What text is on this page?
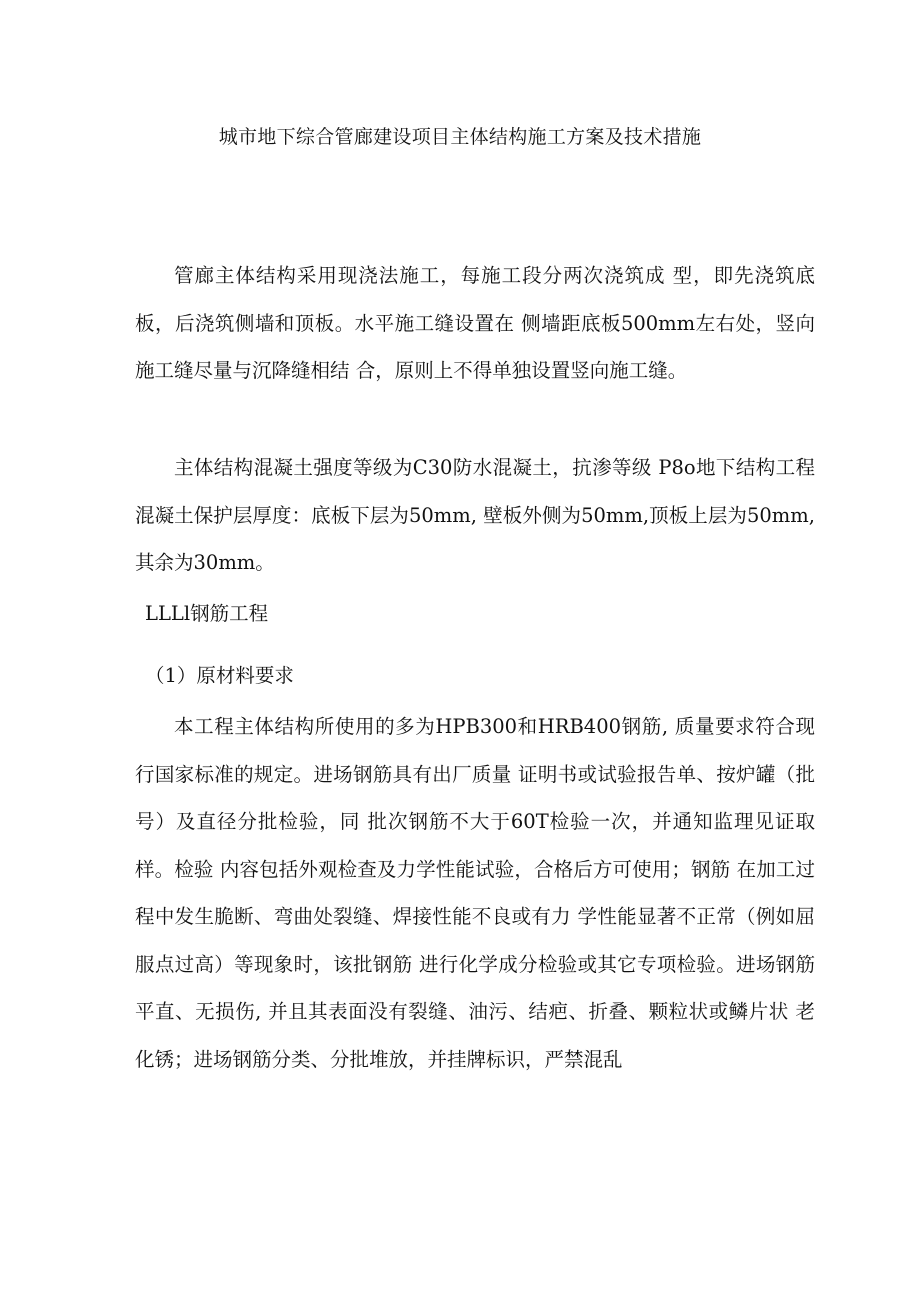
城市地下综合管廊建设项目主体结构施工方案及技术措施

管廊主体结构采用现浇法施工，每施工段分两次浇筑成 型，即先浇筑底板，后浇筑侧墙和顶板。水平施工缝设置在 侧墙距底板500mm左右处，竖向施工缝尽量与沉降缝相结 合，原则上不得单独设置竖向施工缝。

主体结构混凝土强度等级为C30防水混凝土，抗渗等级 P8o地下结构工程混凝土保护层厚度：底板下层为50mm, 壁板外侧为50mm,顶板上层为50mm,其余为30mm。

LLLl钢筋工程
（1）原材料要求

本工程主体结构所使用的多为HPB300和HRB400钢筋, 质量要求符合现行国家标准的规定。进场钢筋具有出厂质量 证明书或试验报告单、按炉罐（批号）及直径分批检验，同 批次钢筋不大于60T检验一次，并通知监理见证取样。检验 内容包括外观检查及力学性能试验，合格后方可使用；钢筋 在加工过程中发生脆断、弯曲处裂缝、焊接性能不良或有力 学性能显著不正常（例如屈服点过高）等现象时，该批钢筋 进行化学成分检验或其它专项检验。进场钢筋平直、无损伤, 并且其表面没有裂缝、油污、结疤、折叠、颗粒状或鳞片状 老化锈；进场钢筋分类、分批堆放，并挂牌标识，严禁混乱
